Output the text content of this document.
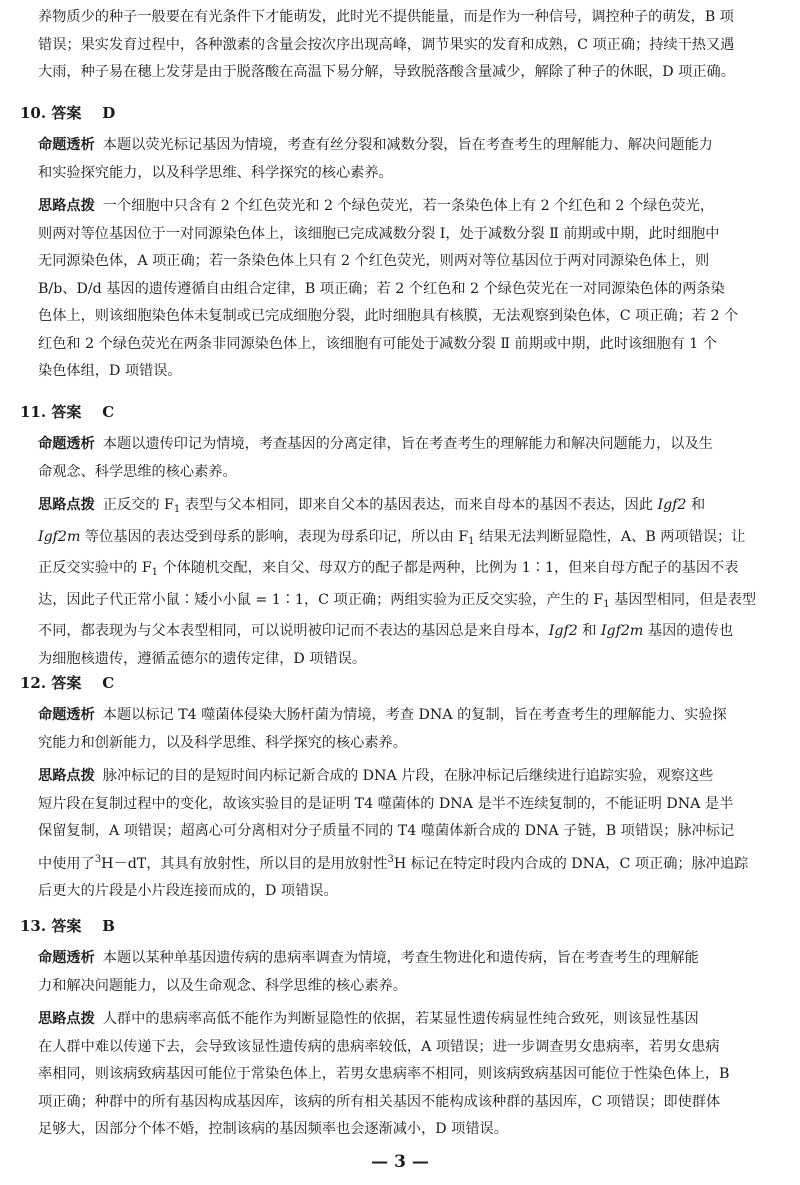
养物质少的种子一般要在有光条件下才能萌发，此时光不提供能量，而是作为一种信号，调控种子的萌发，B 项
错误；果实发育过程中，各种激素的含量会按次序出现高峰，调节果实的发育和成熟，C 项正确；持续干热又遇
大雨，种子易在穗上发芽是由于脱落酸在高温下易分解，导致脱落酸含量减少，解除了种子的休眠，D 项正确。
10. 答案 D
命题透析 本题以荧光标记基因为情境，考查有丝分裂和减数分裂，旨在考查考生的理解能力、解决问题能力
和实验探究能力，以及科学思维、科学探究的核心素养。
思路点拨 一个细胞中只含有 2 个红色荧光和 2 个绿色荧光，若一条染色体上有 2 个红色和 2 个绿色荧光，
则两对等位基因位于一对同源染色体上，该细胞已完成减数分裂 Ⅰ，处于减数分裂 Ⅱ 前期或中期，此时细胞中
无同源染色体，A 项正确；若一条染色体上只有 2 个红色荧光，则两对等位基因位于两对同源染色体上，则
B/b、D/d 基因的遗传遵循自由组合定律，B 项正确；若 2 个红色和 2 个绿色荧光在一对同源染色体的两条染
色体上，则该细胞染色体未复制或已完成细胞分裂，此时细胞具有核膜，无法观察到染色体，C 项正确；若 2 个
红色和 2 个绿色荧光在两条非同源染色体上，该细胞有可能处于减数分裂 Ⅱ 前期或中期，此时该细胞有 1 个
染色体组，D 项错误。
11. 答案 C
命题透析 本题以遗传印记为情境，考查基因的分离定律，旨在考查考生的理解能力和解决问题能力，以及生
命观念、科学思维的核心素养。
思路点拨 正反交的 $F_1$ 表型与父本相同，即来自父本的基因表达，而来自母本的基因不表达，因此 Igf2 和
Igf2m 等位基因的表达受到母系的影响，表现为母系印记，所以由 $F_1$ 结果无法判断显隐性，A、B 两项错误；让
正反交实验中的 $F_1$ 个体随机交配，来自父、母双方的配子都是两种，比例为 1∶1，但来自母方配子的基因不表
达，因此子代正常小鼠∶矮小小鼠 = 1∶1，C 项正确；两组实验为正反交实验，产生的 $F_1$ 基因型相同，但是表型
不同，都表现为与父本表型相同，可以说明被印记而不表达的基因总是来自母本，Igf2 和 Igf2m 基因的遗传也
为细胞核遗传，遵循孟德尔的遗传定律，D 项错误。
12. 答案 C
命题透析 本题以标记 T4 噬菌体侵染大肠杆菌为情境，考查 DNA 的复制，旨在考查考生的理解能力、实验探
究能力和创新能力，以及科学思维、科学探究的核心素养。
思路点拨 脉冲标记的目的是短时间内标记新合成的 DNA 片段，在脉冲标记后继续进行追踪实验，观察这些
短片段在复制过程中的变化，故该实验目的是证明 T4 噬菌体的 DNA 是半不连续复制的，不能证明 DNA 是半
保留复制，A 项错误；超离心可分离相对分子质量不同的 T4 噬菌体新合成的 DNA 子链，B 项错误；脉冲标记
中使用了$^3$H－dT，其具有放射性，所以目的是用放射性$^3$H 标记在特定时段内合成的 DNA，C 项正确；脉冲追踪
后更大的片段是小片段连接而成的，D 项错误。
13. 答案 B
命题透析 本题以某种单基因遗传病的患病率调查为情境，考查生物进化和遗传病，旨在考查考生的理解能
力和解决问题能力，以及生命观念、科学思维的核心素养。
思路点拨 人群中的患病率高低不能作为判断显隐性的依据，若某显性遗传病显性纯合致死，则该显性基因
在人群中难以传递下去，会导致该显性遗传病的患病率较低，A 项错误；进一步调查男女患病率，若男女患病
率相同，则该病致病基因可能位于常染色体上，若男女患病率不相同，则该病致病基因可能位于性染色体上，B
项正确；种群中的所有基因构成基因库，该病的所有相关基因不能构成该种群的基因库，C 项错误；即使群体
足够大，因部分个体不婚，控制该病的基因频率也会逐渐减小，D 项错误。
— 3 —
